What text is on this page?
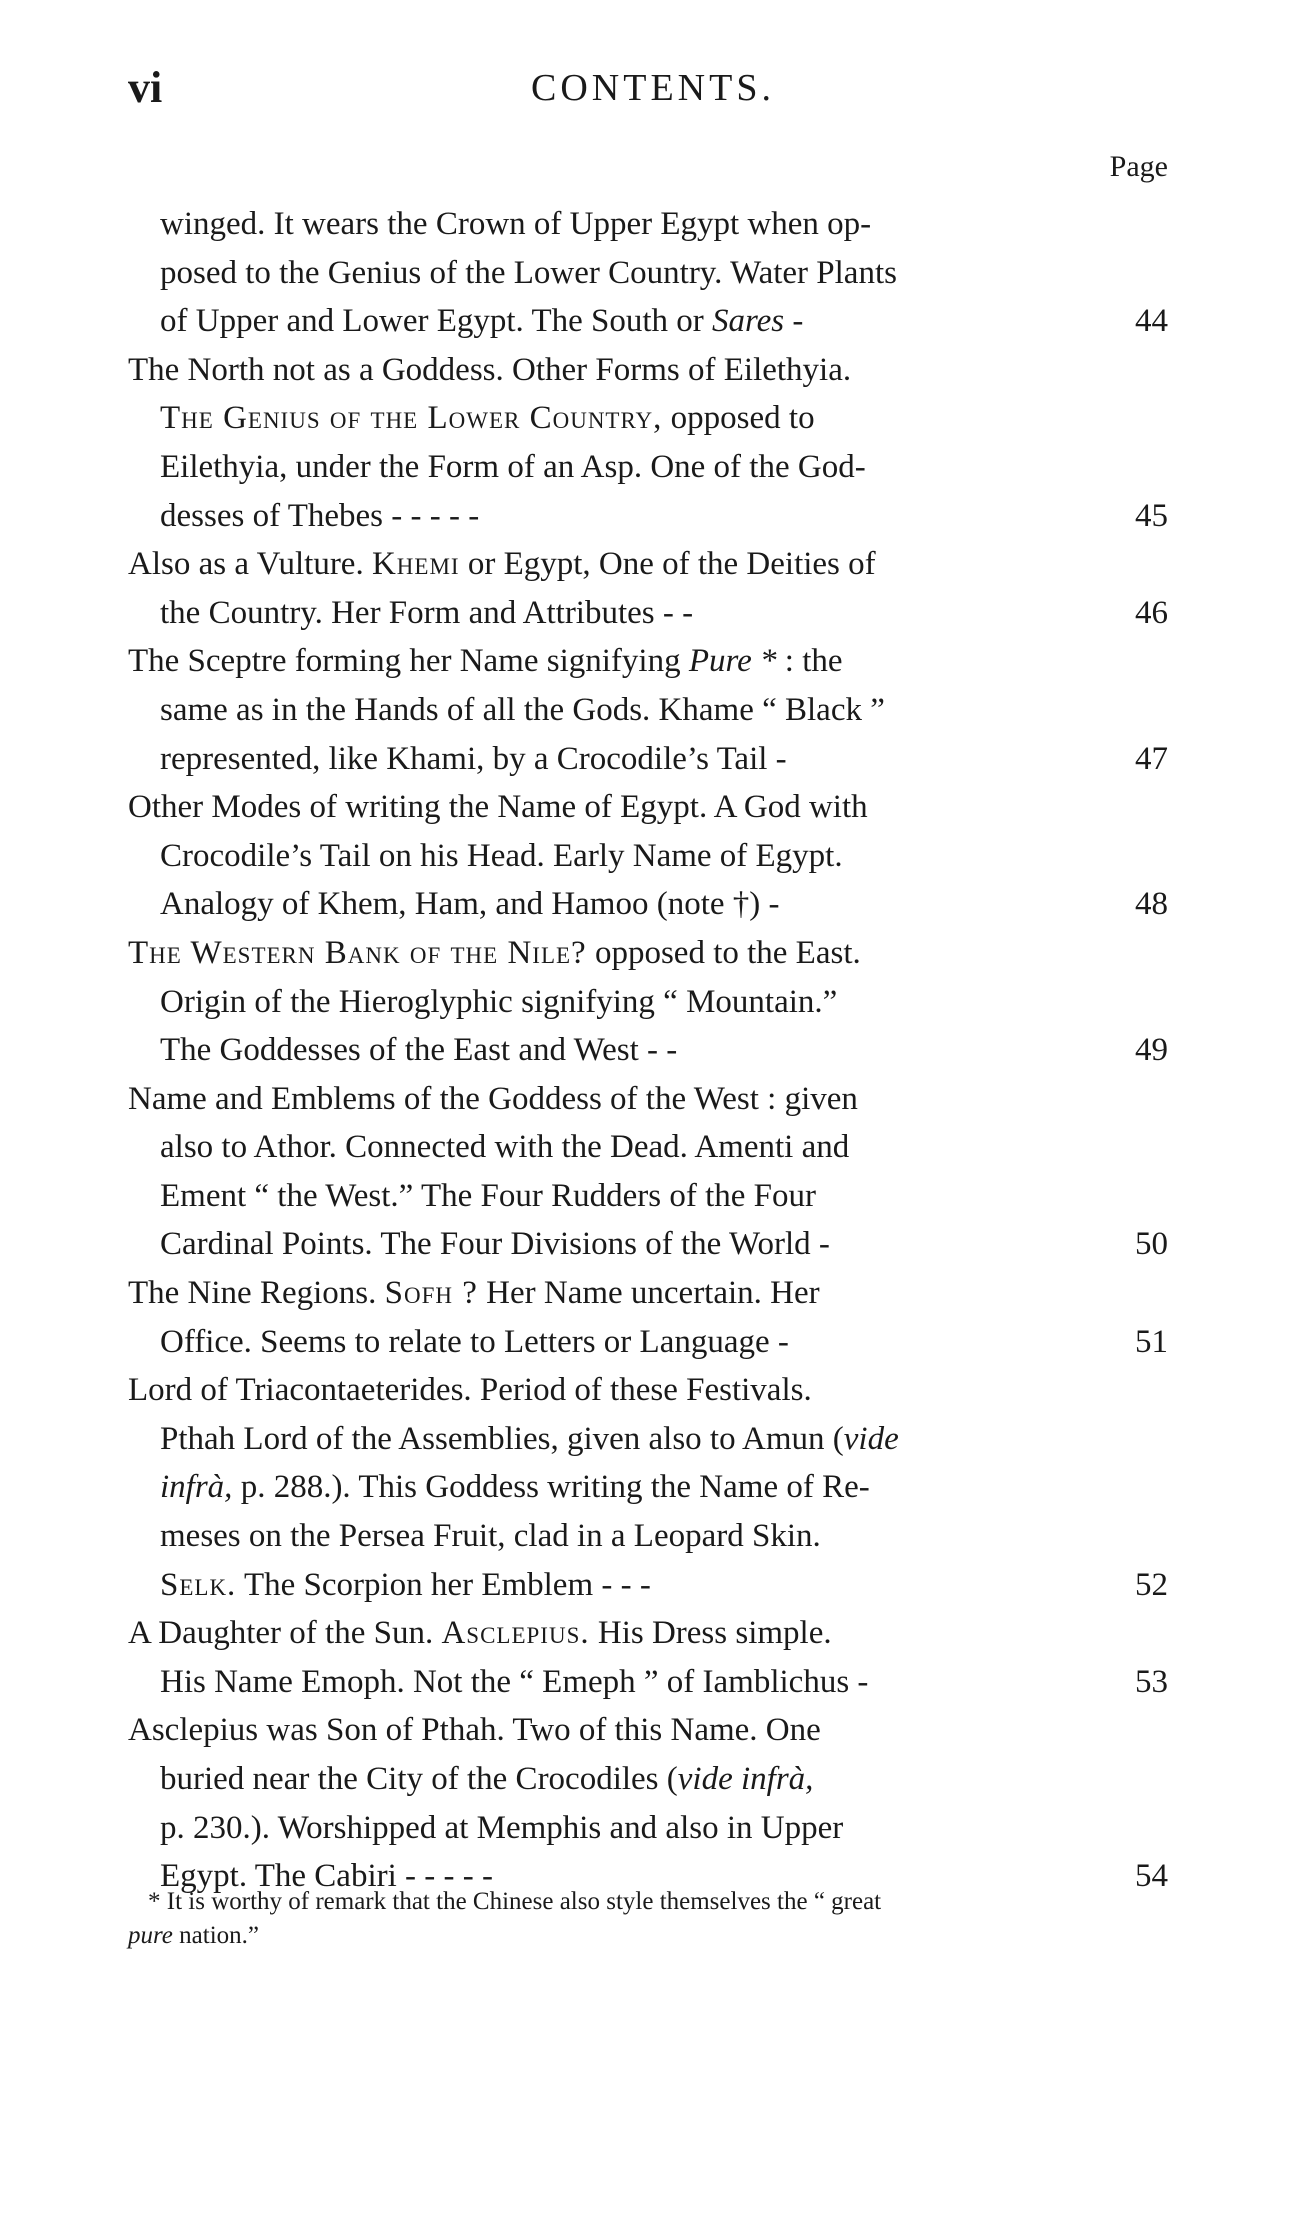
vi	CONTENTS.
Page
winged. It wears the Crown of Upper Egypt when op-
posed to the Genius of the Lower Country. Water Plants
of Upper and Lower Egypt. The South or Sares -	44
The North not as a Goddess. Other Forms of Eilethyia.
The Genius of the Lower Country, opposed to
Eilethyia, under the Form of an Asp. One of the God-
desses of Thebes - - - - -	45
Also as a Vulture. Khemi or Egypt, One of the Deities of
the Country. Her Form and Attributes - -	46
The Sceptre forming her Name signifying Pure * : the
same as in the Hands of all the Gods. Khame “ Black ”
represented, like Khami, by a Crocodile’s Tail -	47
Other Modes of writing the Name of Egypt. A God with
Crocodile’s Tail on his Head. Early Name of Egypt.
Analogy of Khem, Ham, and Hamoo (note †) -	48
The Western Bank of the Nile? opposed to the East.
Origin of the Hieroglyphic signifying “ Mountain.”
The Goddesses of the East and West - -	49
Name and Emblems of the Goddess of the West : given
also to Athor. Connected with the Dead. Amenti and
Ement “ the West.” The Four Rudders of the Four
Cardinal Points. The Four Divisions of the World -	50
The Nine Regions. Sofh ? Her Name uncertain. Her
Office. Seems to relate to Letters or Language -	51
Lord of Triacontaeterides. Period of these Festivals.
Pthah Lord of the Assemblies, given also to Amun (vide
infrà, p. 288.). This Goddess writing the Name of Re-
meses on the Persea Fruit, clad in a Leopard Skin.
Selk. The Scorpion her Emblem - - -	52
A Daughter of the Sun. Asclepius. His Dress simple.
His Name Emoph. Not the “ Emeph ” of Iamblichus -	53
Asclepius was Son of Pthah. Two of this Name. One
buried near the City of the Crocodiles (vide infrà,
p. 230.). Worshipped at Memphis and also in Upper
Egypt. The Cabiri - - - - -	54
* It is worthy of remark that the Chinese also style themselves the “ great
pure nation.”
